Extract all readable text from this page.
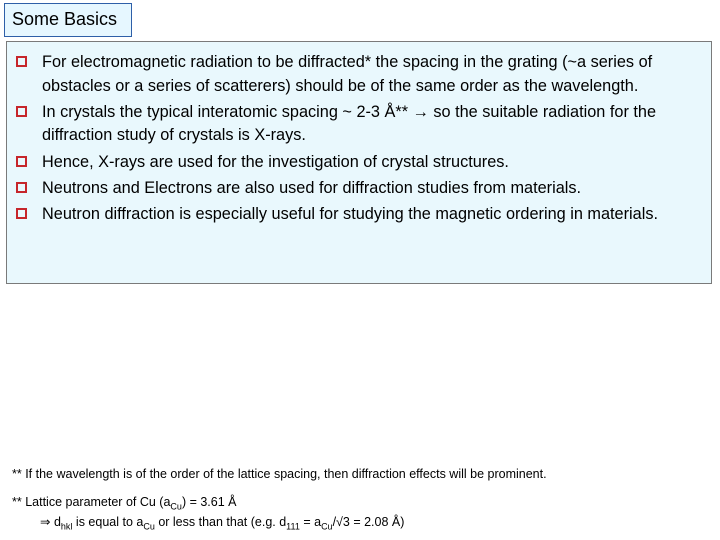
Some Basics
For electromagnetic radiation to be diffracted* the spacing in the grating (~a series of obstacles or a series of scatterers) should be of the same order as the wavelength.
In crystals the typical interatomic spacing ~ 2-3 Å** → so the suitable radiation for the diffraction study of crystals is X-rays.
Hence, X-rays are used for the investigation of crystal structures.
Neutrons and Electrons are also used for diffraction studies from materials.
Neutron diffraction is especially useful for studying the magnetic ordering in materials.
** If the wavelength is of the order of the lattice spacing, then diffraction effects will be prominent.
** Lattice parameter of Cu $(a_{Cu}) = 3.61$ Å
⇒ $d_{hkl}$ is equal to $a_{Cu}$ or less than that (e.g. $d_{111} = a_{Cu}/√3 = 2.08$ Å)
